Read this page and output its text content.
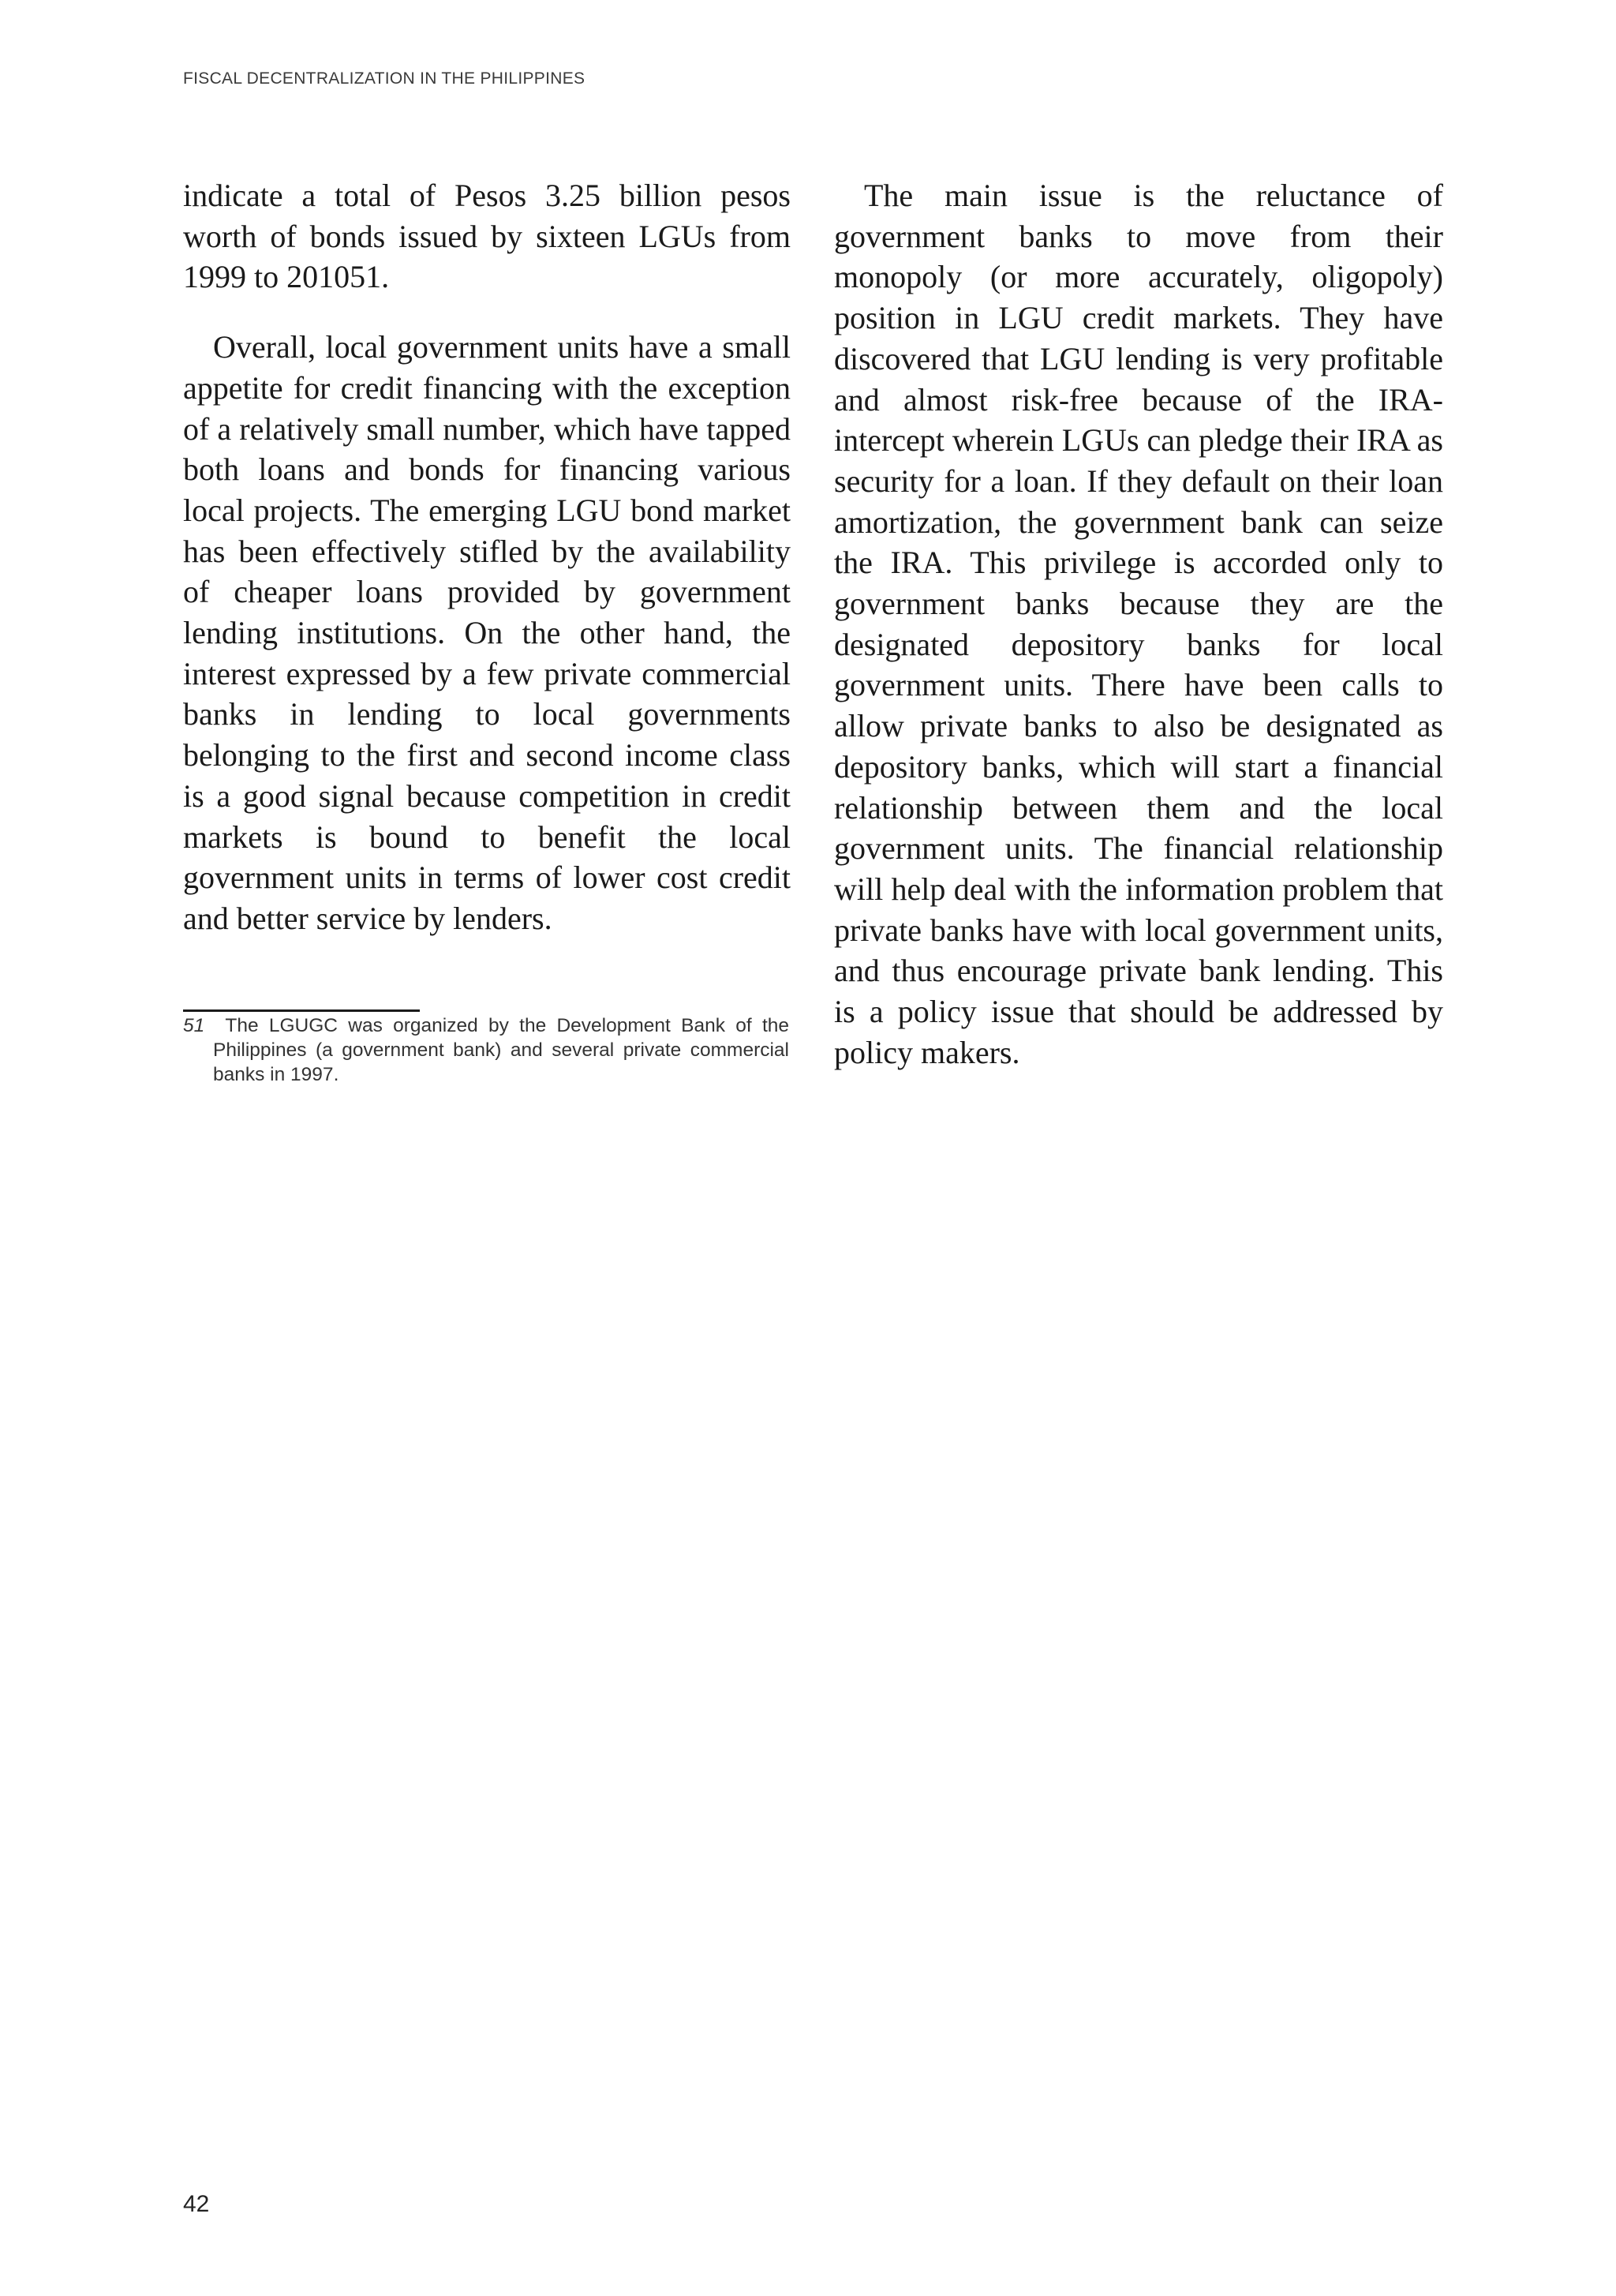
FISCAL DECENTRALIZATION IN THE PHILIPPINES

indicate a total of Pesos 3.25 billion pesos worth of bonds issued by sixteen LGUs from 1999 to 201051.

Overall, local government units have a small appetite for credit financing with the exception of a relatively small number, which have tapped both loans and bonds for financing various local projects. The emerging LGU bond market has been effectively stifled by the availability of cheaper loans provided by government lending institutions. On the other hand, the interest expressed by a few private commercial banks in lending to local governments belonging to the first and second income class is a good signal because competition in credit markets is bound to benefit the local government units in terms of lower cost credit and better service by lenders.

51 The LGUGC was organized by the Development Bank of the Philippines (a government bank) and several private commercial banks in 1997.

The main issue is the reluctance of government banks to move from their monopoly (or more accurately, oligopoly) position in LGU credit markets. They have discovered that LGU lending is very profitable and almost risk-free because of the IRA-intercept wherein LGUs can pledge their IRA as security for a loan. If they default on their loan amortization, the government bank can seize the IRA. This privilege is accorded only to government banks because they are the designated depository banks for local government units. There have been calls to allow private banks to also be designated as depository banks, which will start a financial relationship between them and the local government units. The financial relationship will help deal with the information problem that private banks have with local government units, and thus encourage private bank lending. This is a policy issue that should be addressed by policy makers.

42
